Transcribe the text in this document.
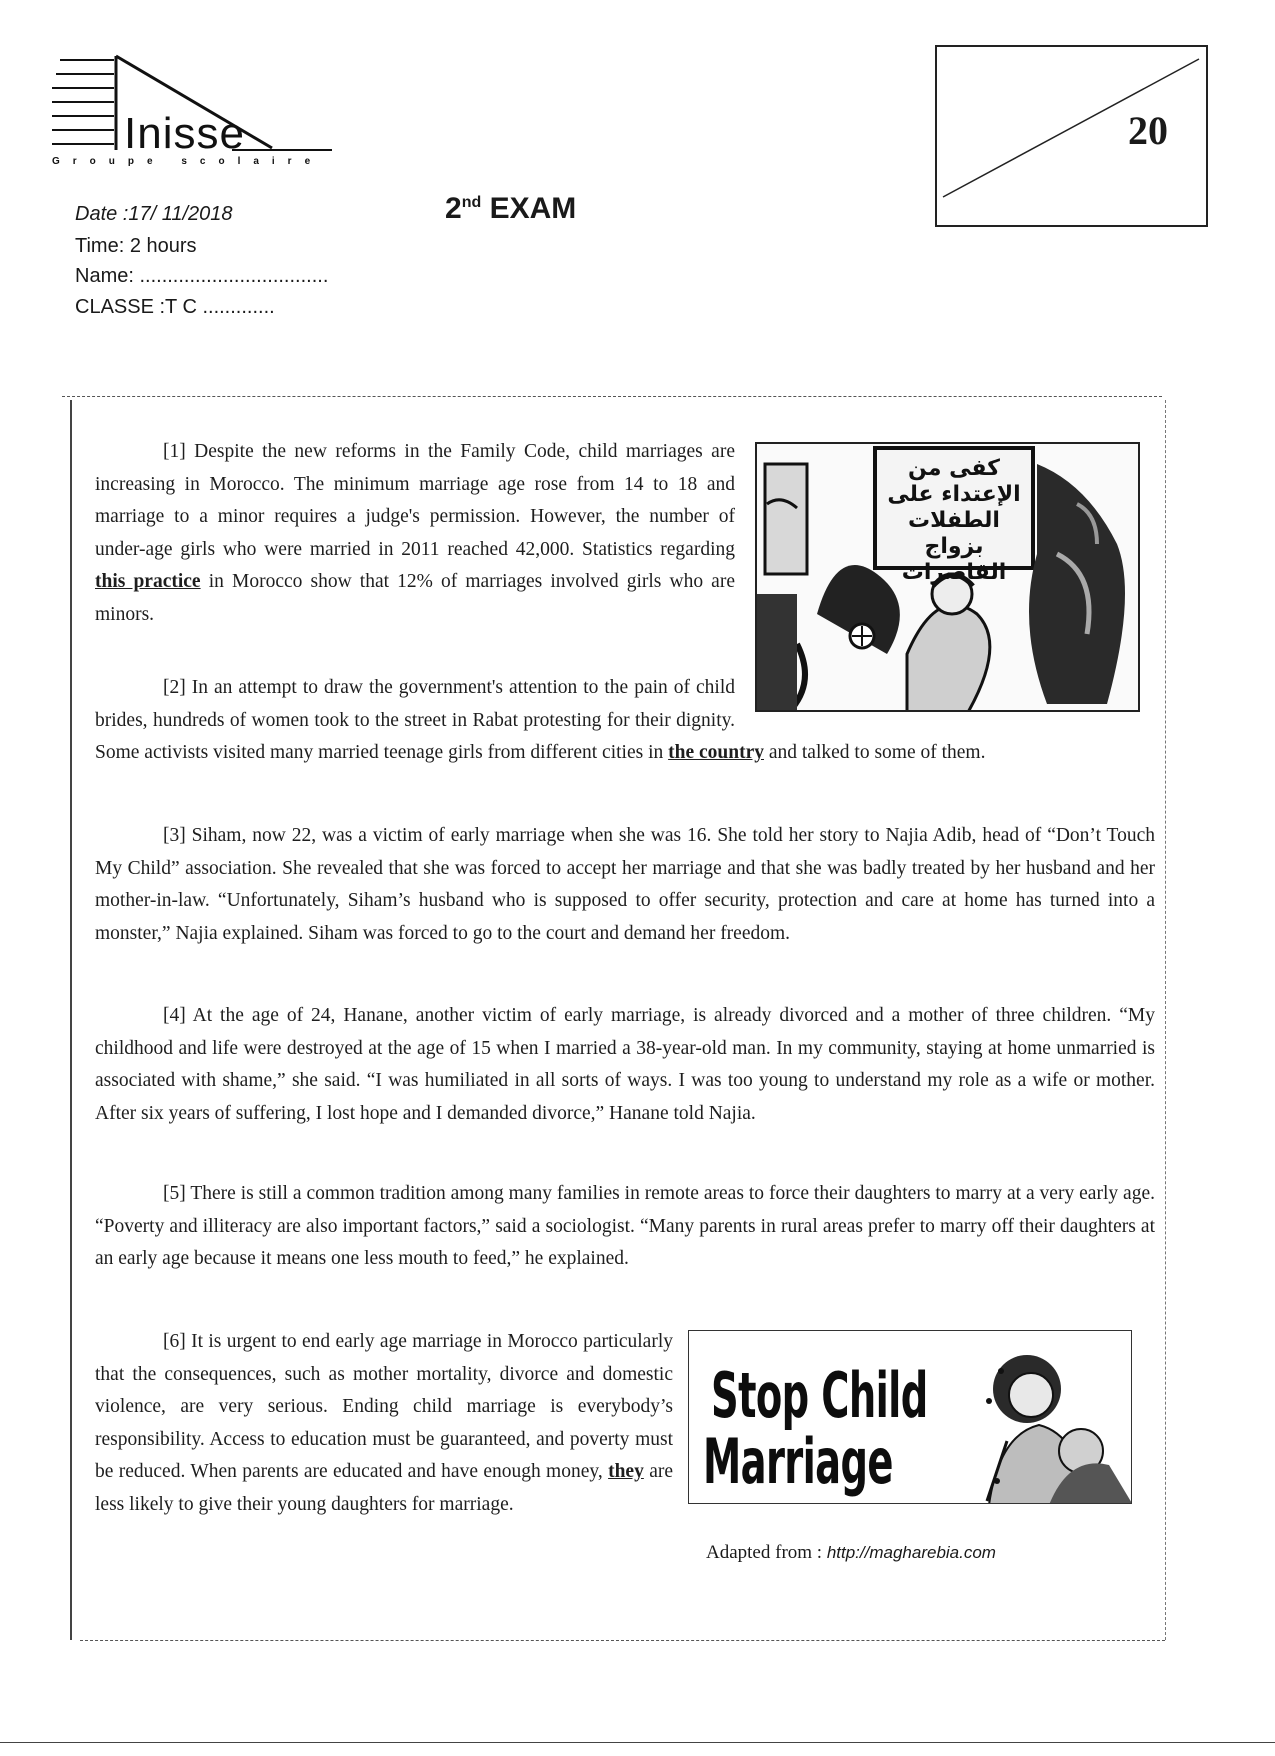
Inisse
Groupe scolaire
20
Date :17/ 11/2018
Time: 2 hours
Name: ..................................
CLASSE :T C .............
2nd EXAM

[1] Despite the new reforms in the Family Code, child marriages are increasing in Morocco. The minimum marriage age rose from 14 to 18 and marriage to a minor requires a judge's permission. However, the number of under-age girls who were married in 2011 reached 42,000. Statistics regarding this practice in Morocco show that 12% of marriages involved girls who are minors.

كفى من الإعتداء على الطفلات بزواج القاصرات

[2] In an attempt to draw the government's attention to the pain of child brides, hundreds of women took to the street in Rabat protesting for their dignity. Some activists visited many married teenage girls from different cities in the country and talked to some of them.

[3] Siham, now 22, was a victim of early marriage when she was 16. She told her story to Najia Adib, head of “Don’t Touch My Child” association. She revealed that she was forced to accept her marriage and that she was badly treated by her husband and her mother-in-law. “Unfortunately, Siham’s husband who is supposed to offer security, protection and care at home has turned into a monster,” Najia explained. Siham was forced to go to the court and demand her freedom.

[4] At the age of 24, Hanane, another victim of early marriage, is already divorced and a mother of three children. “My childhood and life were destroyed at the age of 15 when I married a 38-year-old man. In my community, staying at home unmarried is associated with shame,” she said. “I was humiliated in all sorts of ways. I was too young to understand my role as a wife or mother. After six years of suffering, I lost hope and I demanded divorce,” Hanane told Najia.

[5] There is still a common tradition among many families in remote areas to force their daughters to marry at a very early age. “Poverty and illiteracy are also important factors,” said a sociologist. “Many parents in rural areas prefer to marry off their daughters at an early age because it means one less mouth to feed,” he explained.

[6] It is urgent to end early age marriage in Morocco particularly that the consequences, such as mother mortality, divorce and domestic violence, are very serious. Ending child marriage is everybody’s responsibility. Access to education must be guaranteed, and poverty must be reduced. When parents are educated and have enough money, they are less likely to give their young daughters for marriage.

Stop Child
Marriage
Adapted from : http://magharebia.com
